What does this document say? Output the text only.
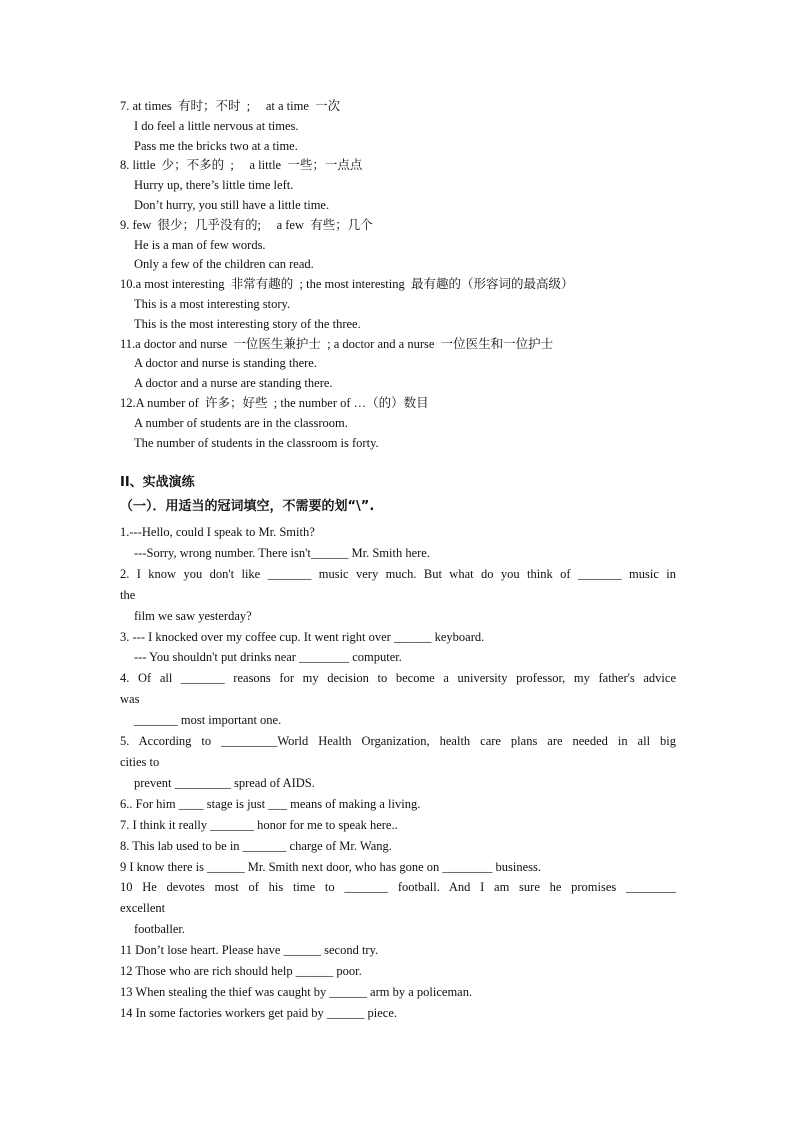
7. at times  有时；不时  ;     at a time  一次
I do feel a little nervous at times.
Pass me the bricks two at a time.
8. little  少；不多的  ;     a little  一些；一点点
Hurry up, there’s little time left.
Don’t hurry, you still have a little time.
9. few  很少；几乎没有的;     a few  有些；几个
He is a man of few words.
Only a few of the children can read.
10.a most interesting  非常有趣的  ; the most interesting  最有趣的（形容词的最高级）
This is a most interesting story.
This is the most interesting story of the three.
11.a doctor and nurse  一位医生兼护士  ; a doctor and a nurse  一位医生和一位护士
A doctor and nurse is standing there.
A doctor and a nurse are standing there.
12.A number of  许多；好些  ; the number of …（的）数目
A number of students are in the classroom.
The number of students in the classroom is forty.
II、实战演练
（一）．用适当的冠词填空，不需要的划“\”.
1.---Hello, could I speak to Mr. Smith?
---Sorry, wrong number. There isn't______ Mr. Smith here.
2. I know you don't like _______ music very much. But what do you think of _______ music in
the
film we saw yesterday?
3. --- I knocked over my coffee cup. It went right over ______ keyboard.
--- You shouldn't put drinks near ________ computer.
4. Of all _______ reasons for my decision to become a university professor, my father's advice
was
_______ most important one.
5. According to _________World Health Organization, health care plans are needed in all big
cities to
prevent _________ spread of AIDS.
6.. For him ____ stage is just ___ means of making a living.
7. I think it really _______ honor for me to speak here..
8. This lab used to be in _______ charge of Mr. Wang.
9 I know there is ______ Mr. Smith next door, who has gone on ________ business.
10 He devotes most of his time to _______ football. And I am sure he promises ________
excellent
footballer.
11 Don’t lose heart. Please have ______ second try.
12 Those who are rich should help ______ poor.
13 When stealing the thief was caught by ______ arm by a policeman.
14 In some factories workers get paid by ______ piece.
